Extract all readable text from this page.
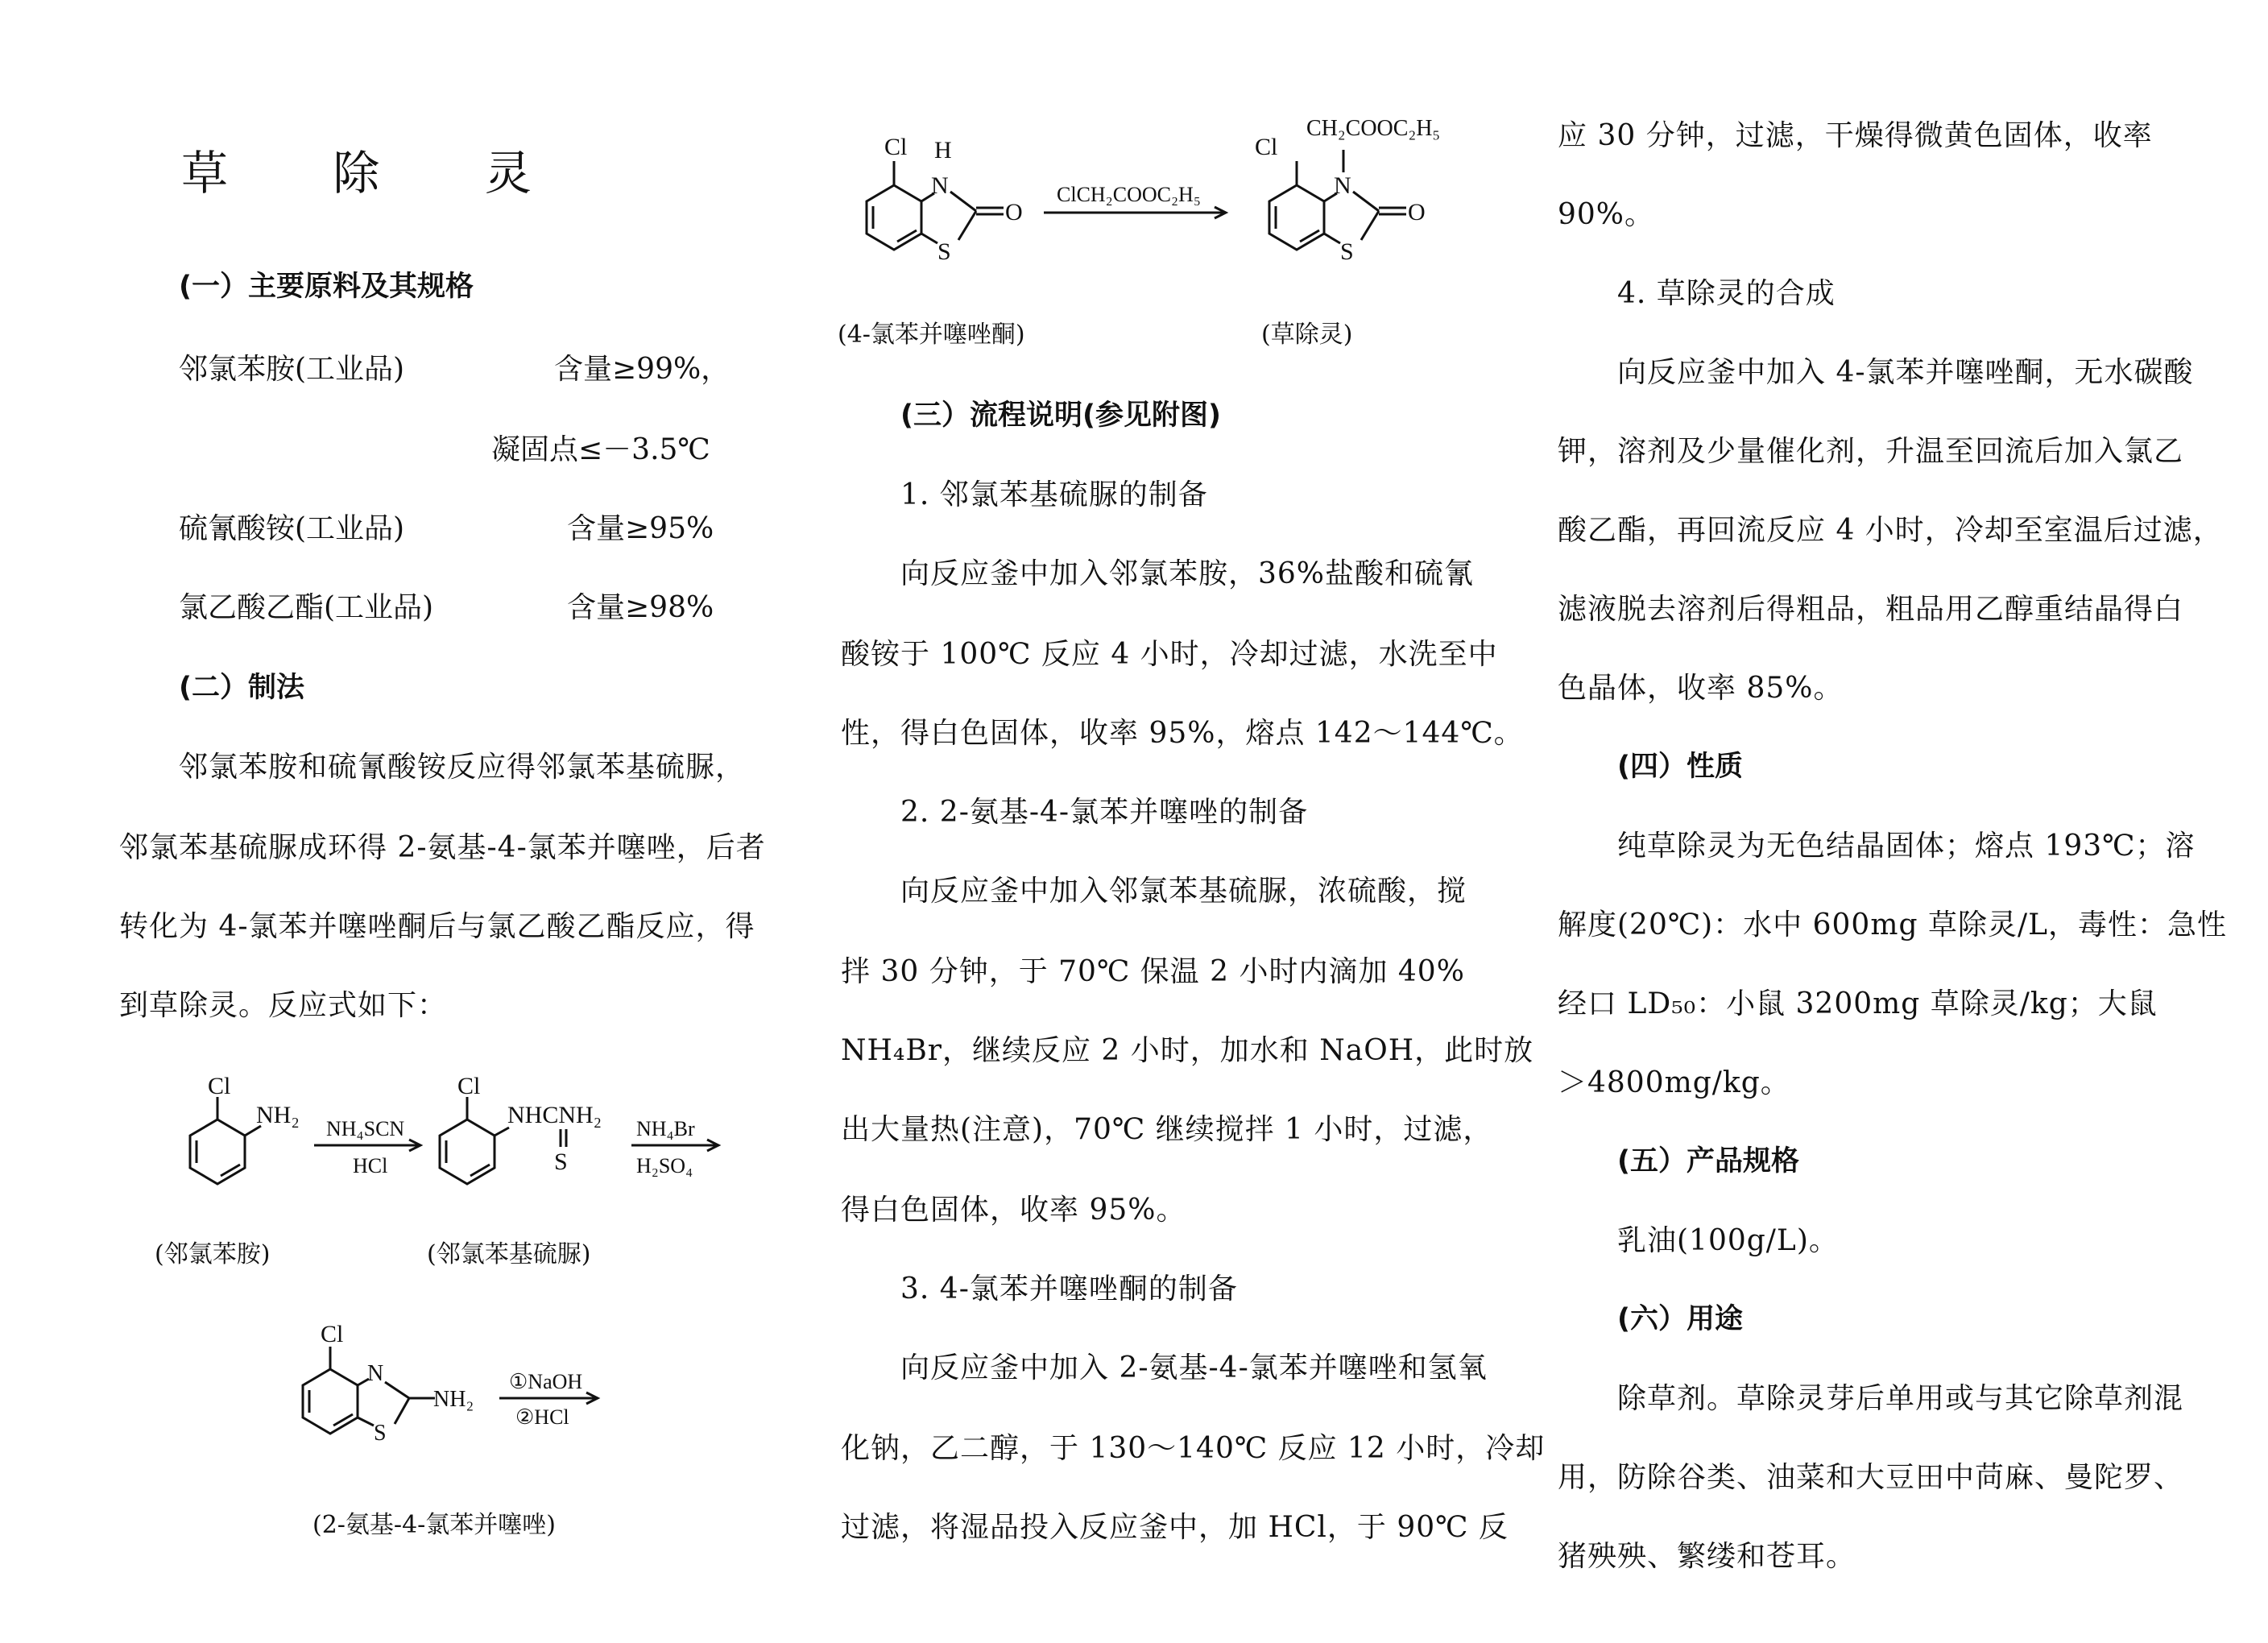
草 除 灵
(一）主要原料及其规格
邻氯苯胺(工业品)	含量≥99%，
凝固点≤－3.5℃
硫氰酸铵(工业品)	含量≥95%
氯乙酸乙酯(工业品)	含量≥98%
(二）制法
邻氯苯胺和硫氰酸铵反应得邻氯苯基硫脲，
邻氯苯基硫脲成环得 2-氨基-4-氯苯并噻唑，后者
转化为 4-氯苯并噻唑酮后与氯乙酸乙酯反应，得
到草除灵。反应式如下：
Cl
NH₂
NH₄SCN
HCl
Cl
NHCNH₂
S
NH₄Br
H₂SO₄
(邻氯苯胺)	(邻氯苯基硫脲)
Cl
N
S
NH₂
①NaOH
②HCl
(2-氨基-4-氯苯并噻唑)
Cl H
N
S
O
ClCH₂COOC₂H₅
Cl
N
CH₂COOC₂H₅
S
O
(4-氯苯并噻唑酮)	(草除灵)
(三）流程说明(参见附图)
1. 邻氯苯基硫脲的制备
向反应釜中加入邻氯苯胺，36%盐酸和硫氰
酸铵于 100℃ 反应 4 小时，冷却过滤，水洗至中
性，得白色固体，收率 95%，熔点 142～144℃。
2. 2-氨基-4-氯苯并噻唑的制备
向反应釜中加入邻氯苯基硫脲，浓硫酸，搅
拌 30 分钟，于 70℃ 保温 2 小时内滴加 40%
NH₄Br，继续反应 2 小时，加水和 NaOH，此时放
出大量热(注意)，70℃ 继续搅拌 1 小时，过滤，
得白色固体，收率 95%。
3. 4-氯苯并噻唑酮的制备
向反应釜中加入 2-氨基-4-氯苯并噻唑和氢氧
化钠，乙二醇，于 130～140℃ 反应 12 小时，冷却
过滤，将湿品投入反应釜中，加 HCl，于 90℃ 反
应 30 分钟，过滤，干燥得微黄色固体，收率
90%。
4. 草除灵的合成
向反应釜中加入 4-氯苯并噻唑酮，无水碳酸
钾，溶剂及少量催化剂，升温至回流后加入氯乙
酸乙酯，再回流反应 4 小时，冷却至室温后过滤，
滤液脱去溶剂后得粗品，粗品用乙醇重结晶得白
色晶体，收率 85%。
(四）性质
纯草除灵为无色结晶固体；熔点 193℃；溶
解度(20℃)：水中 600mg 草除灵/L，毒性：急性
经口 LD₅₀：小鼠 3200mg 草除灵/kg；大鼠
＞4800mg/kg。
(五）产品规格
乳油(100g/L)。
(六）用途
除草剂。草除灵芽后单用或与其它除草剂混
用，防除谷类、油菜和大豆田中苘麻、曼陀罗、
猪殃殃、繁缕和苍耳。
